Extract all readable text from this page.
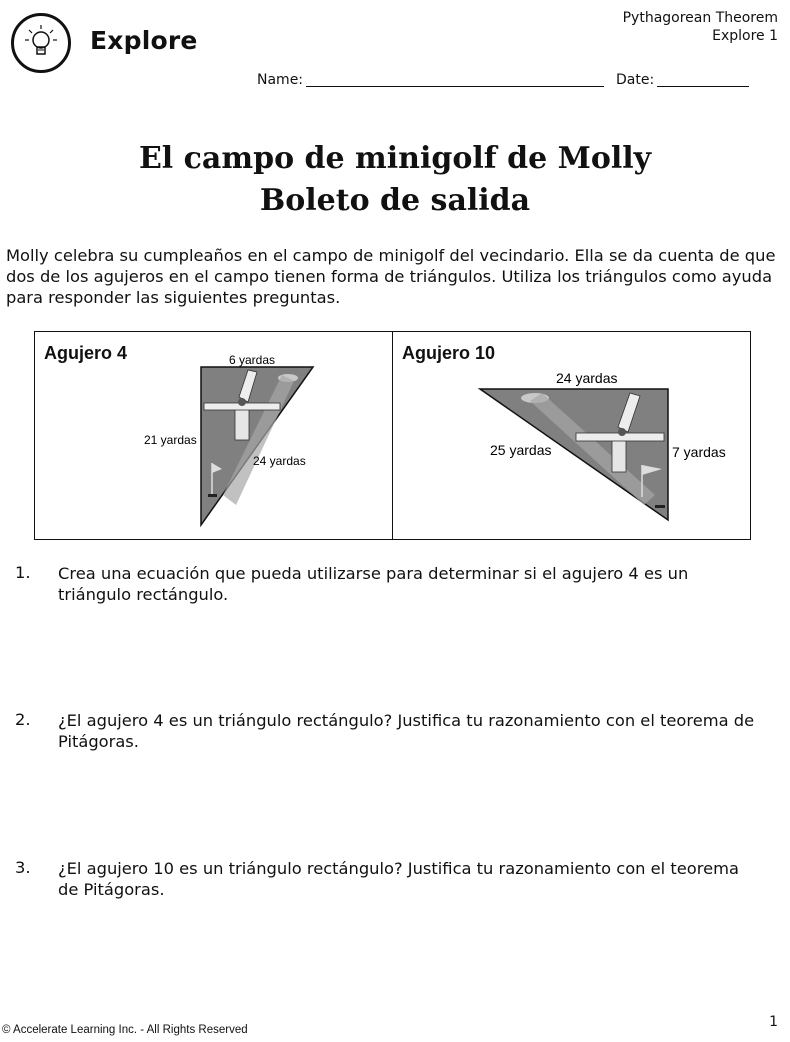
Explore
Pythagorean Theorem
Explore 1
Name:	Date:
El campo de minigolf de Molly
Boleto de salida
Molly celebra su cumpleaños en el campo de minigolf del vecindario. Ella se da cuenta de que dos de los agujeros en el campo tienen forma de triángulos. Utiliza los triángulos como ayuda para responder las siguientes preguntas.
Agujero 4	6 yardas
21 yardas
24 yardas
Agujero 10
24 yardas
25 yardas	7 yardas
1. Crea una ecuación que pueda utilizarse para determinar si el agujero 4 es un triángulo rectángulo.
2. ¿El agujero 4 es un triángulo rectángulo? Justifica tu razonamiento con el teorema de Pitágoras.
3. ¿El agujero 10 es un triángulo rectángulo? Justifica tu razonamiento con el teorema de Pitágoras.
© Accelerate Learning Inc. - All Rights Reserved	1
